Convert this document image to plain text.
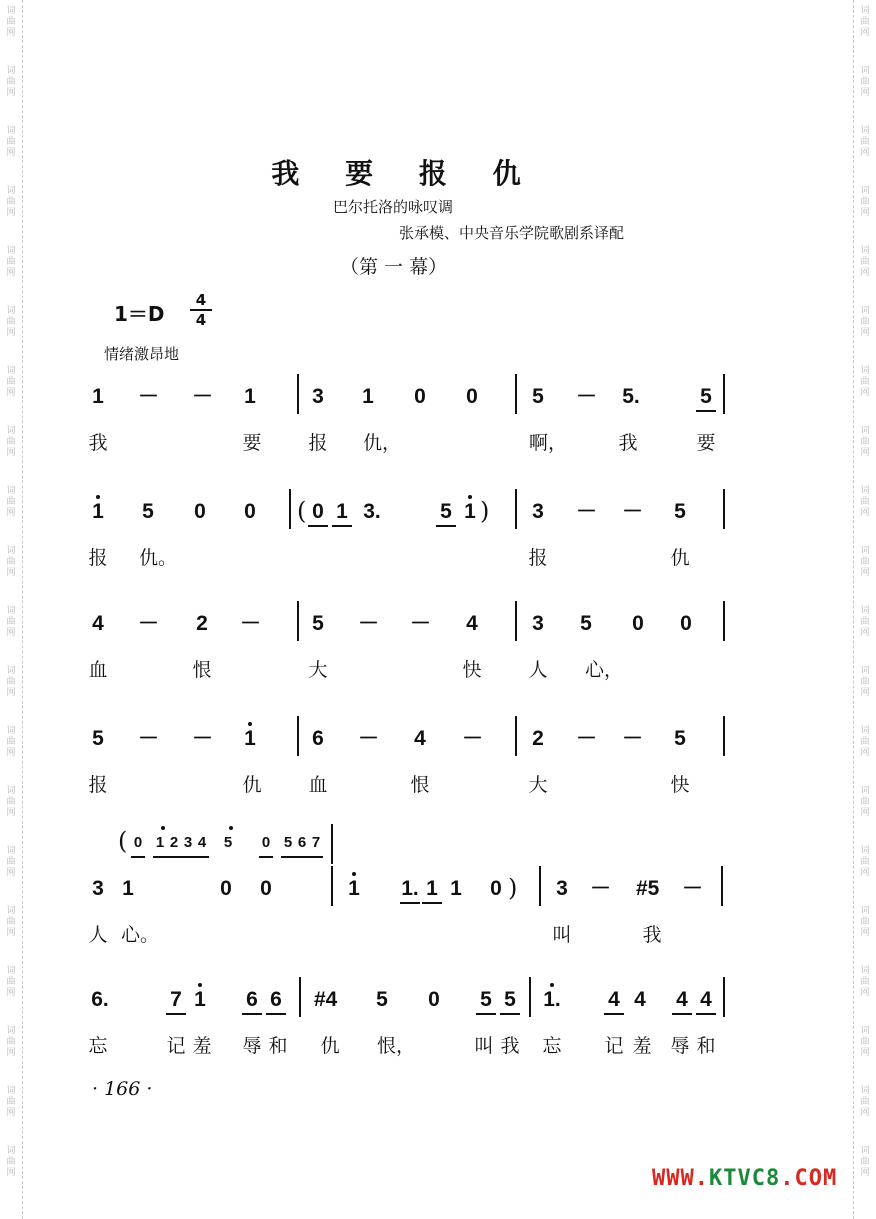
词
曲
网
词
曲
网
词
曲
网
词
曲
网
词
曲
网
词
曲
网
词
曲
网
词
曲
网
词
曲
网
词
曲
网
词
曲
网
词
曲
网
词
曲
网
词
曲
网
词
曲
网
词
曲
网
词
曲
网
词
曲
网
词
曲
网
词
曲
网
词
曲
网
词
曲
网
词
曲
网
词
曲
网
词
曲
网
词
曲
网
词
曲
网
词
曲
网
词
曲
网
词
曲
网
词
曲
网
词
曲
网
词
曲
网
词
曲
网
词
曲
网
词
曲
网
词
曲
网
词
曲
网
词
曲
网
词
曲
网
我 要 报 仇
巴尔托洛的咏叹调
张承模、中央音乐学院歌剧系译配
（第 一 幕）
1＝D
4
4
情绪激昂地
1 － － 1	3 1 0 0	5 － 5.	5
我	要 报 仇，	啊，	我	要
1 5 0 0	0 1 3.	5 1	3 － － 5
(	)
报 仇。	报	仇
4 － 2 － 5 － － 4	3 5 0 0
血	恨	大	快 人 心，
5 － － 1	6 － 4 － 2 － － 5
报	仇 血	恨	大	快
3 1	0 0	1 1. 1 1 0	3 － #5 －
)
0 1 2 3 4 5 0 5 6 7
(
人 心。	叫	我
6.	7 1 6 6 #4 5 0 5 5 1. 4 4 4 4
忘	记 羞 辱 和 仇 恨，	叫 我 忘 记 羞 辱 和
· 166 ·
WWW.KTVC8.COM
